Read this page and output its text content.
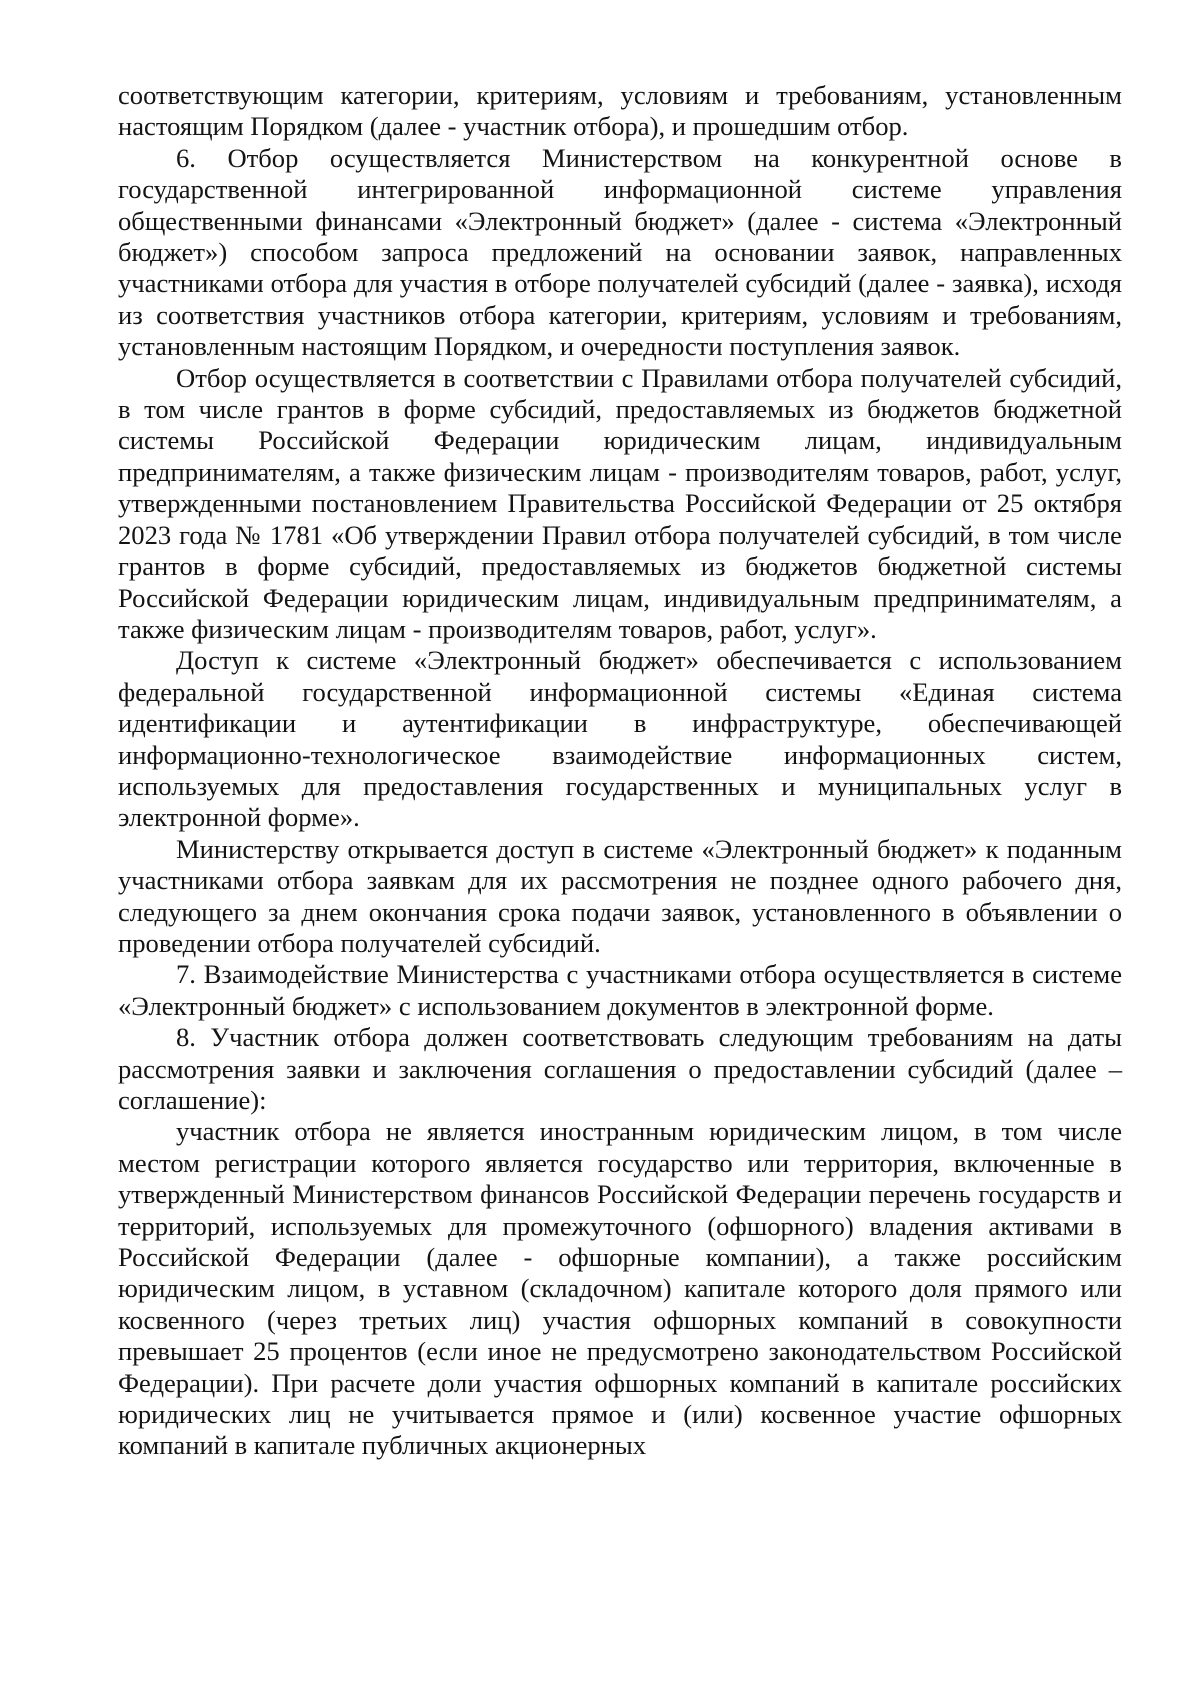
соответствующим категории, критериям, условиям и требованиям, установленным настоящим Порядком (далее - участник отбора), и прошедшим отбор.

6. Отбор осуществляется Министерством на конкурентной основе в государственной интегрированной информационной системе управления общественными финансами «Электронный бюджет» (далее - система «Электронный бюджет») способом запроса предложений на основании заявок, направленных участниками отбора для участия в отборе получателей субсидий (далее - заявка), исходя из соответствия участников отбора категории, критериям, условиям и требованиям, установленным настоящим Порядком, и очередности поступления заявок.

Отбор осуществляется в соответствии с Правилами отбора получателей субсидий, в том числе грантов в форме субсидий, предоставляемых из бюджетов бюджетной системы Российской Федерации юридическим лицам, индивидуальным предпринимателям, а также физическим лицам - производителям товаров, работ, услуг, утвержденными постановлением Правительства Российской Федерации от 25 октября 2023 года № 1781 «Об утверждении Правил отбора получателей субсидий, в том числе грантов в форме субсидий, предоставляемых из бюджетов бюджетной системы Российской Федерации юридическим лицам, индивидуальным предпринимателям, а также физическим лицам - производителям товаров, работ, услуг».

Доступ к системе «Электронный бюджет» обеспечивается с использованием федеральной государственной информационной системы «Единая система идентификации и аутентификации в инфраструктуре, обеспечивающей информационно-технологическое взаимодействие информационных систем, используемых для предоставления государственных и муниципальных услуг в электронной форме».

Министерству открывается доступ в системе «Электронный бюджет» к поданным участниками отбора заявкам для их рассмотрения не позднее одного рабочего дня, следующего за днем окончания срока подачи заявок, установленного в объявлении о проведении отбора получателей субсидий.

7. Взаимодействие Министерства с участниками отбора осуществляется в системе «Электронный бюджет» с использованием документов в электронной форме.

8. Участник отбора должен соответствовать следующим требованиям на даты рассмотрения заявки и заключения соглашения о предоставлении субсидий (далее – соглашение):

участник отбора не является иностранным юридическим лицом, в том числе местом регистрации которого является государство или территория, включенные в утвержденный Министерством финансов Российской Федерации перечень государств и территорий, используемых для промежуточного (офшорного) владения активами в Российской Федерации (далее - офшорные компании), а также российским юридическим лицом, в уставном (складочном) капитале которого доля прямого или косвенного (через третьих лиц) участия офшорных компаний в совокупности превышает 25 процентов (если иное не предусмотрено законодательством Российской Федерации). При расчете доли участия офшорных компаний в капитале российских юридических лиц не учитывается прямое и (или) косвенное участие офшорных компаний в капитале публичных акционерных
